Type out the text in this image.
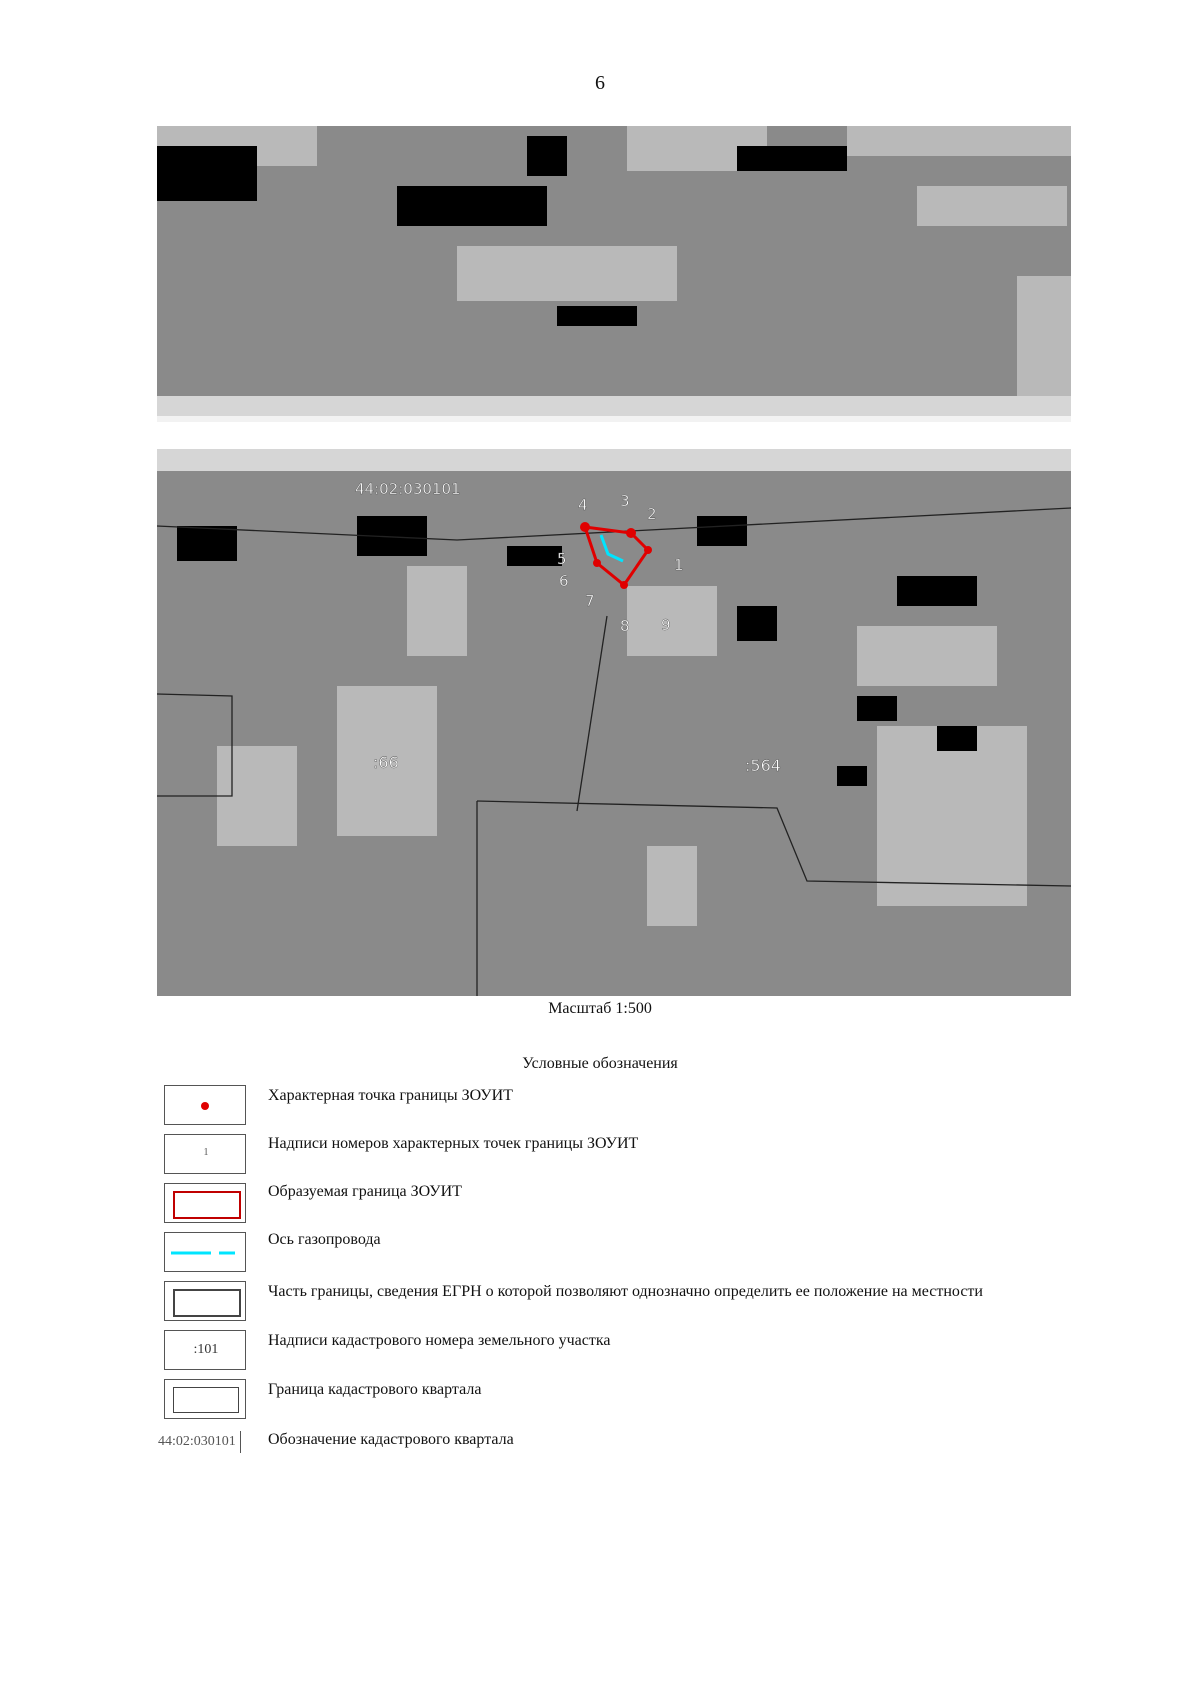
6
44:02:030101
:66	:564
2
3
4
5
6
7
8 9
1
Масштаб 1:500
Условные обозначения
Характерная точка границы ЗОУИТ
1
Надписи номеров характерных точек границы ЗОУИТ
Образуемая граница ЗОУИТ
Ось газопровода
Часть границы, сведения ЕГРН о которой позволяют однозначно определить ее положение на местности
:101
Надписи кадастрового номера земельного участка
Граница кадастрового квартала
44:02:030101	Обозначение кадастрового квартала
